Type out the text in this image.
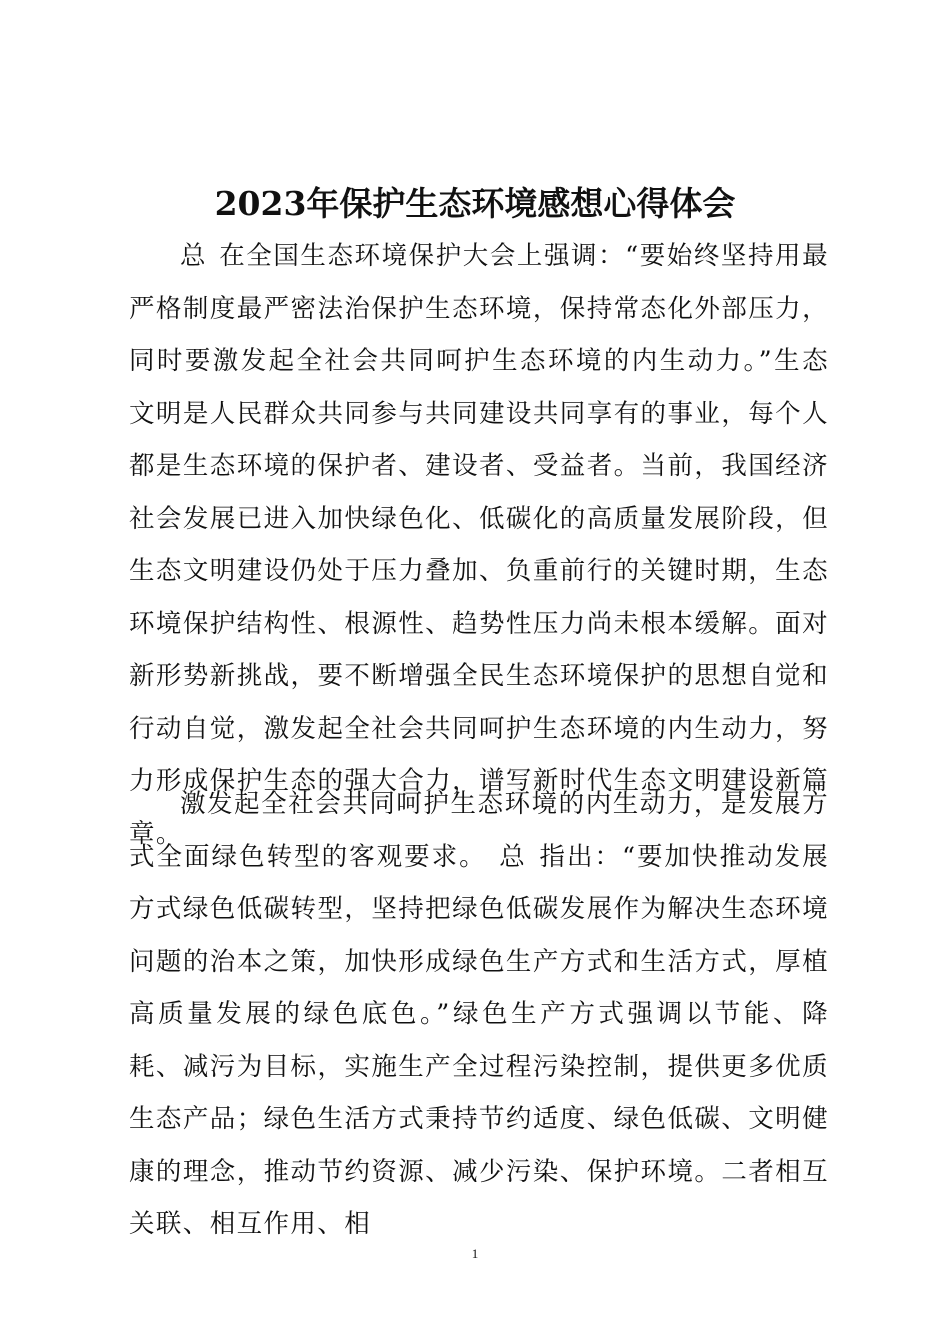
2023年保护生态环境感想心得体会

总 在全国生态环境保护大会上强调：“要始终坚持用最严格制度最严密法治保护生态环境，保持常态化外部压力，同时要激发起全社会共同呵护生态环境的内生动力。”生态文明是人民群众共同参与共同建设共同享有的事业，每个人都是生态环境的保护者、建设者、受益者。当前，我国经济社会发展已进入加快绿色化、低碳化的高质量发展阶段，但生态文明建设仍处于压力叠加、负重前行的关键时期，生态环境保护结构性、根源性、趋势性压力尚未根本缓解。面对新形势新挑战，要不断增强全民生态环境保护的思想自觉和行动自觉，激发起全社会共同呵护生态环境的内生动力，努力形成保护生态的强大合力，谱写新时代生态文明建设新篇章。

激发起全社会共同呵护生态环境的内生动力，是发展方式全面绿色转型的客观要求。 总 指出：“要加快推动发展方式绿色低碳转型，坚持把绿色低碳发展作为解决生态环境问题的治本之策，加快形成绿色生产方式和生活方式，厚植高质量发展的绿色底色。”绿色生产方式强调以节能、降耗、减污为目标，实施生产全过程污染控制，提供更多优质生态产品；绿色生活方式秉持节约适度、绿色低碳、文明健康的理念，推动节约资源、减少污染、保护环境。二者相互关联、相互作用、相

1
